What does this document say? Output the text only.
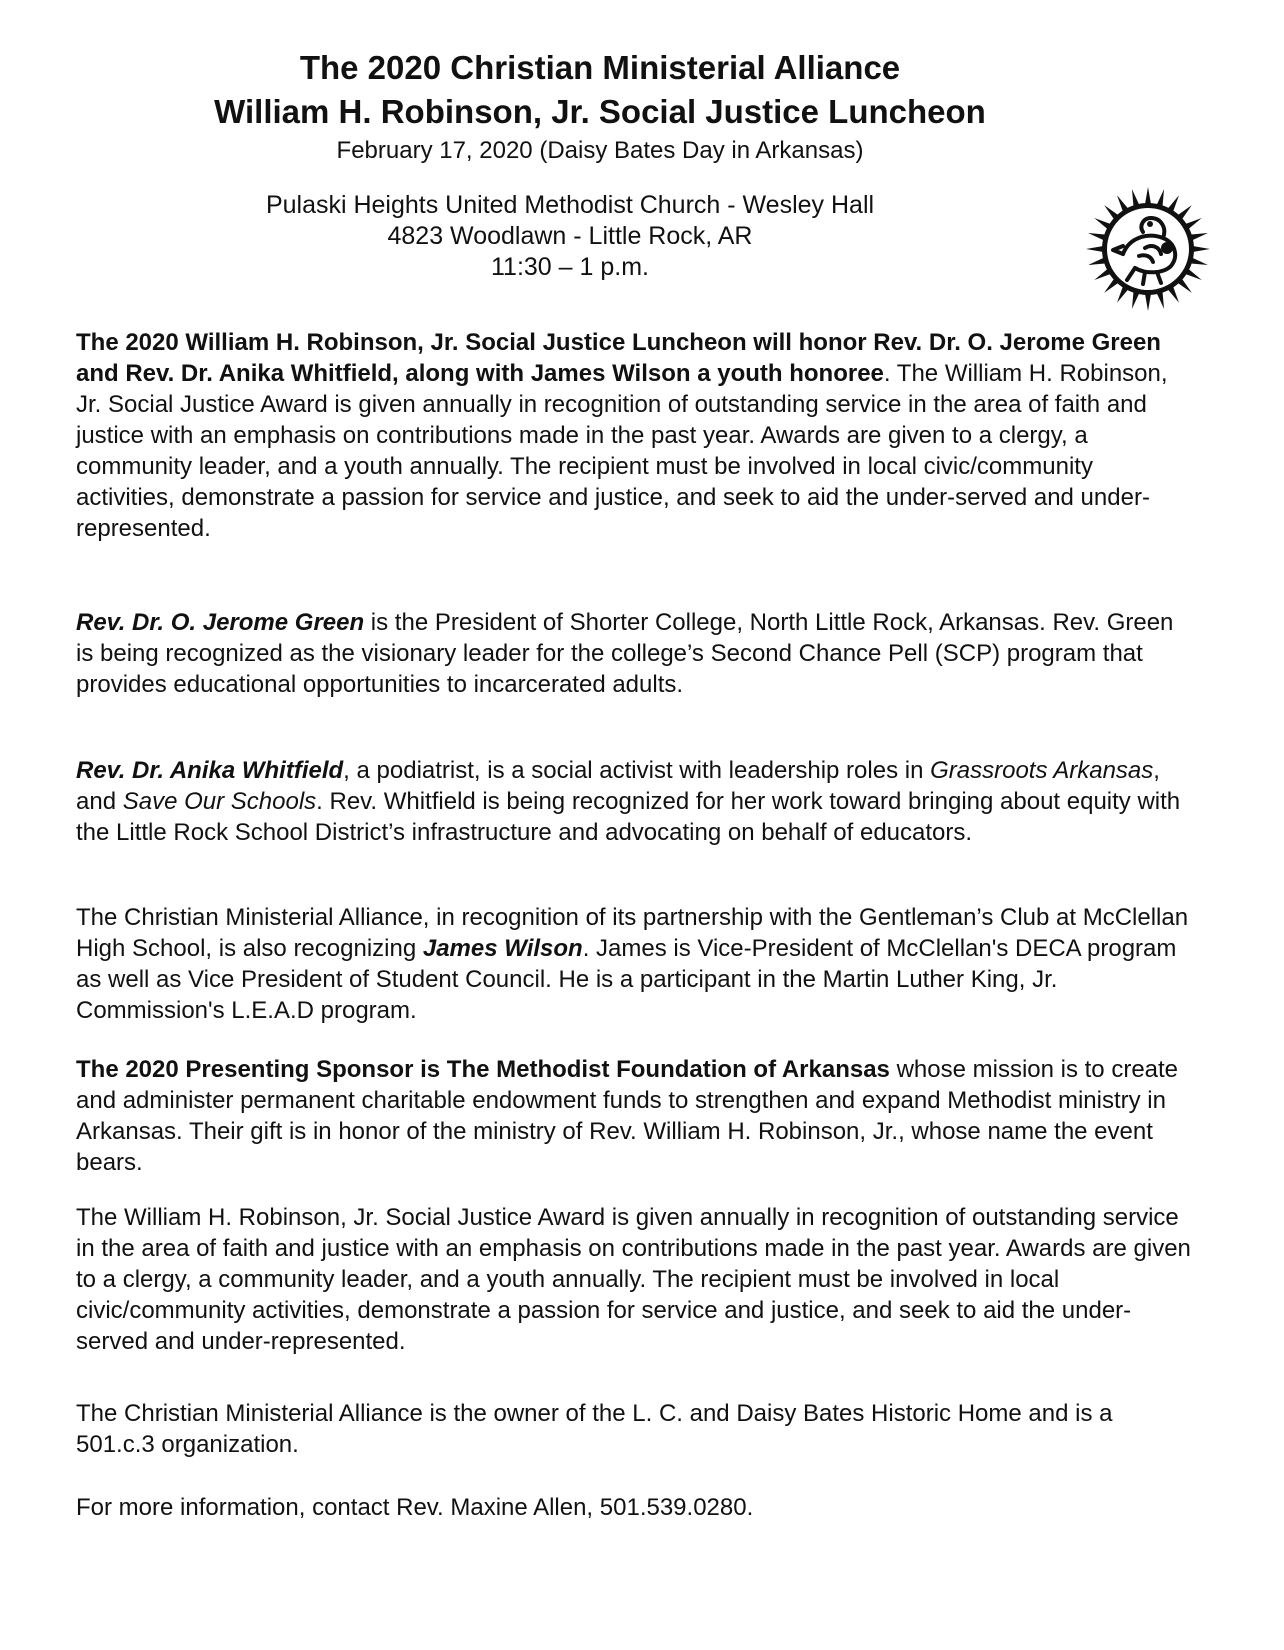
The 2020 Christian Ministerial Alliance

William H. Robinson, Jr. Social Justice Luncheon

February 17, 2020 (Daisy Bates Day in Arkansas)

Pulaski Heights United Methodist Church - Wesley Hall

4823 Woodlawn - Little Rock, AR

11:30 – 1 p.m.

The 2020 William H. Robinson, Jr. Social Justice Luncheon will honor Rev. Dr. O. Jerome Green and Rev. Dr. Anika Whitfield, along with James Wilson a youth honoree. The William H. Robinson, Jr. Social Justice Award is given annually in recognition of outstanding service in the area of faith and justice with an emphasis on contributions made in the past year. Awards are given to a clergy, a community leader, and a youth annually. The recipient must be involved in local civic/community activities, demonstrate a passion for service and justice, and seek to aid the under-served and under-represented.

Rev. Dr. O. Jerome Green is the President of Shorter College, North Little Rock, Arkansas. Rev. Green is being recognized as the visionary leader for the college’s Second Chance Pell (SCP) program that provides educational opportunities to incarcerated adults.

Rev. Dr. Anika Whitfield, a podiatrist, is a social activist with leadership roles in Grassroots Arkansas, and Save Our Schools. Rev. Whitfield is being recognized for her work toward bringing about equity with the Little Rock School District’s infrastructure and advocating on behalf of educators.

The Christian Ministerial Alliance, in recognition of its partnership with the Gentleman’s Club at McClellan High School, is also recognizing James Wilson. James is Vice-President of McClellan's DECA program as well as Vice President of Student Council. He is a participant in the Martin Luther King, Jr. Commission's L.E.A.D program.

The 2020 Presenting Sponsor is The Methodist Foundation of Arkansas whose mission is to create and administer permanent charitable endowment funds to strengthen and expand Methodist ministry in Arkansas. Their gift is in honor of the ministry of Rev. William H. Robinson, Jr., whose name the event bears.

The William H. Robinson, Jr. Social Justice Award is given annually in recognition of outstanding service in the area of faith and justice with an emphasis on contributions made in the past year. Awards are given to a clergy, a community leader, and a youth annually. The recipient must be involved in local civic/community activities, demonstrate a passion for service and justice, and seek to aid the under-served and under-represented.

The Christian Ministerial Alliance is the owner of the L. C. and Daisy Bates Historic Home and is a 501.c.3 organization.

For more information, contact Rev. Maxine Allen, 501.539.0280.
